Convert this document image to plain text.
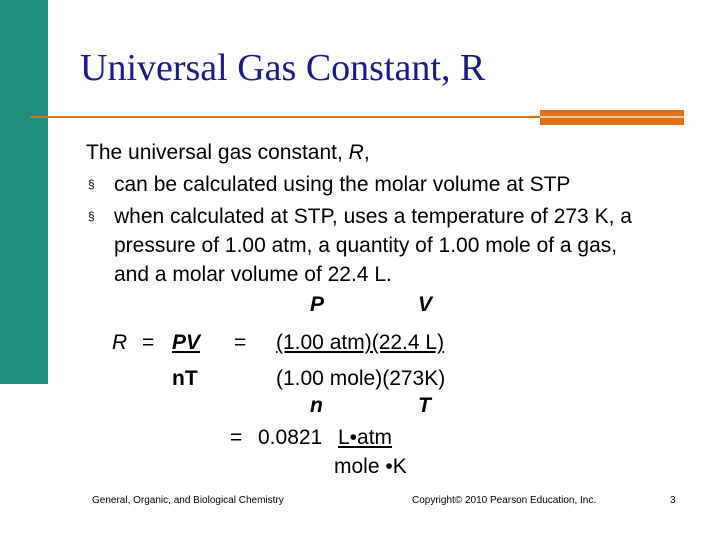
Universal Gas Constant, R
The universal gas constant, R,
§ can be calculated using the molar volume at STP
§ when calculated at STP, uses a temperature of 273 K, a
pressure of 1.00 atm, a quantity of 1.00 mole of a gas,
and a molar volume of 22.4 L.
P	V
R = PV = (1.00 atm)(22.4 L)
nT	(1.00 mole)(273K)
n	T
= 0.0821 L•atm
mole •K
General, Organic, and Biological Chemistry	Copyright© 2010 Pearson Education, Inc.	3
